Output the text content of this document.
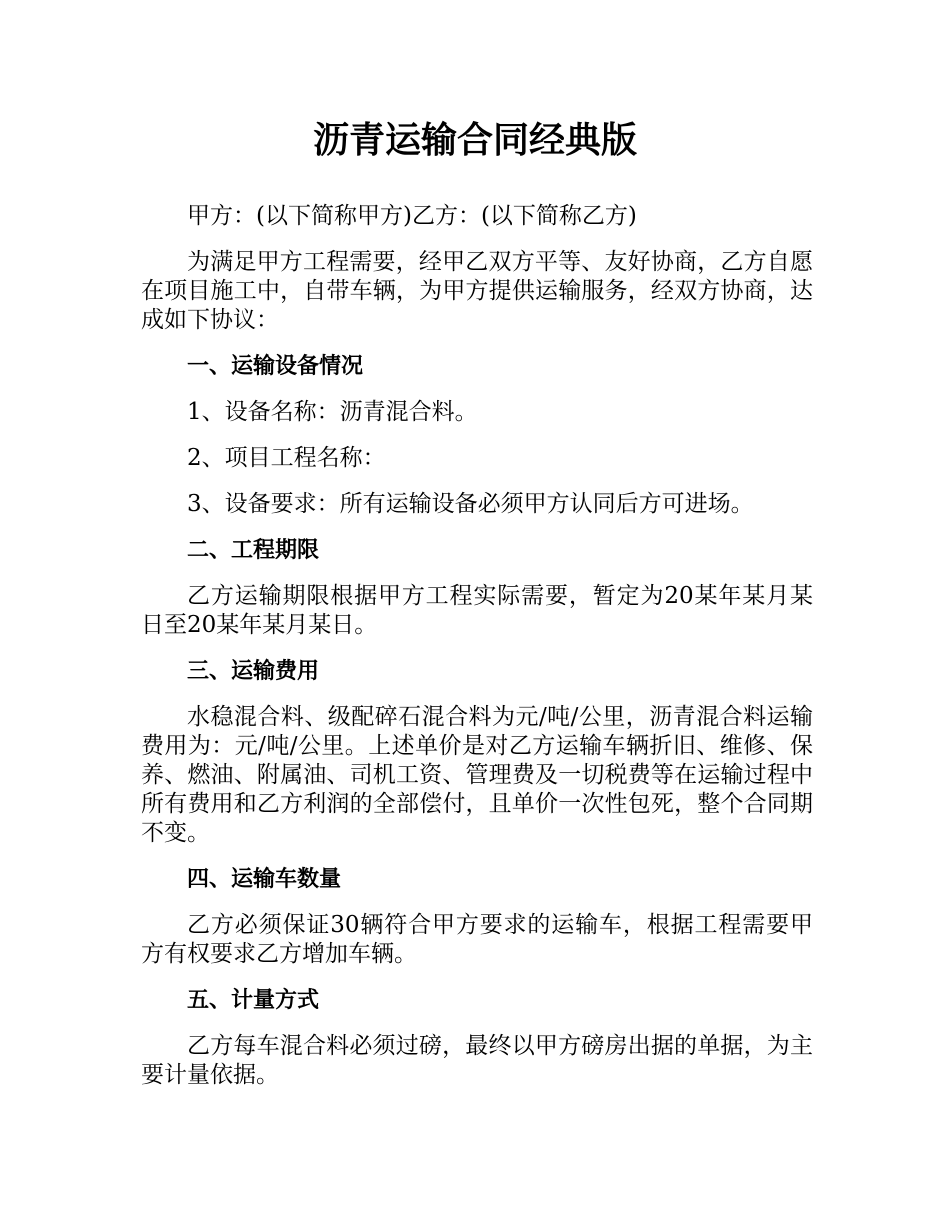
沥青运输合同经典版

甲方：(以下简称甲方)乙方：(以下简称乙方)

为满足甲方工程需要，经甲乙双方平等、友好协商，乙方自愿在项目施工中，自带车辆，为甲方提供运输服务，经双方协商，达成如下协议：

一、运输设备情况

1、设备名称：沥青混合料。

2、项目工程名称：

3、设备要求：所有运输设备必须甲方认同后方可进场。

二、工程期限

乙方运输期限根据甲方工程实际需要，暂定为20某年某月某日至20某年某月某日。

三、运输费用

水稳混合料、级配碎石混合料为元/吨/公里，沥青混合料运输费用为：元/吨/公里。上述单价是对乙方运输车辆折旧、维修、保养、燃油、附属油、司机工资、管理费及一切税费等在运输过程中所有费用和乙方利润的全部偿付，且单价一次性包死，整个合同期不变。

四、运输车数量

乙方必须保证30辆符合甲方要求的运输车，根据工程需要甲方有权要求乙方增加车辆。

五、计量方式

乙方每车混合料必须过磅，最终以甲方磅房出据的单据，为主要计量依据。
